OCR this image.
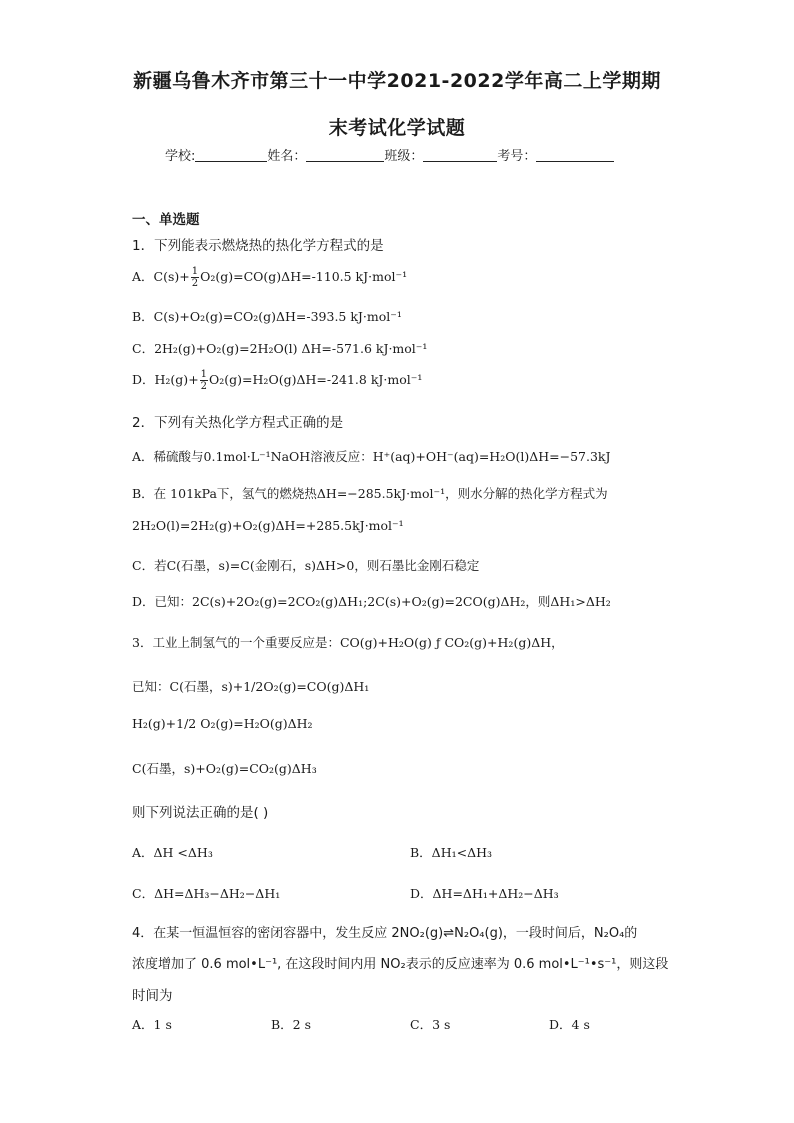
新疆乌鲁木齐市第三十一中学2021-2022学年高二上学期期
末考试化学试题
学校:	姓名：	班级：	考号：
一、单选题
1．下列能表示燃烧热的热化学方程式的是
A．$C(s)+ \frac{1}{2} O_2(g)=CO(g)\Delta H=-110.5$ kJ·mol⁻¹
B．C(s)+O₂(g)=CO₂(g)ΔH=-393.5 kJ·mol⁻¹
C．2H₂(g)+O₂(g)=2H₂O(l) ΔH=-571.6 kJ·mol⁻¹
D．$H_2(g)+ \frac{1}{2} O_2(g)=H_2O(g)\Delta H=-241.8$ kJ·mol⁻¹
2．下列有关热化学方程式正确的是
A．稀硫酸与0.1mol·L⁻¹NaOH溶液反应：H⁺(aq)+OH⁻(aq)=H₂O(l)ΔH=−57.3kJ
B．在 101kPa下，氢气的燃烧热ΔH=−285.5kJ·mol⁻¹，则水分解的热化学方程式为
2H₂O(l)=2H₂(g)+O₂(g)ΔH=+285.5kJ·mol⁻¹
C．若C(石墨，s)=C(金刚石，s)ΔH>0，则石墨比金刚石稳定
D．已知：2C(s)+2O₂(g)=2CO₂(g)ΔH₁;2C(s)+O₂(g)=2CO(g)ΔH₂，则ΔH₁>ΔH₂
3．工业上制氢气的一个重要反应是：CO(g)+H₂O(g) ƒ CO₂(g)+H₂(g)ΔH，
已知：C(石墨，s)+1/2O₂(g)=CO(g)ΔH₁
H₂(g)+1/2 O₂(g)=H₂O(g)ΔH₂
C(石墨，s)+O₂(g)=CO₂(g)ΔH₃
则下列说法正确的是( )
A．ΔH <ΔH₃	B．ΔH₁<ΔH₃
C．ΔH=ΔH₃−ΔH₂−ΔH₁	D．ΔH=ΔH₁+ΔH₂−ΔH₃
4．在某一恒温恒容的密闭容器中，发生反应 2NO₂(g)⇌N₂O₄(g)，一段时间后，N₂O₄的
浓度增加了 0.6 mol•L⁻¹, 在这段时间内用 NO₂表示的反应速率为 0.6 mol•L⁻¹•s⁻¹，则这段
时间为
A．1 s	B．2 s	C．3 s	D．4 s
